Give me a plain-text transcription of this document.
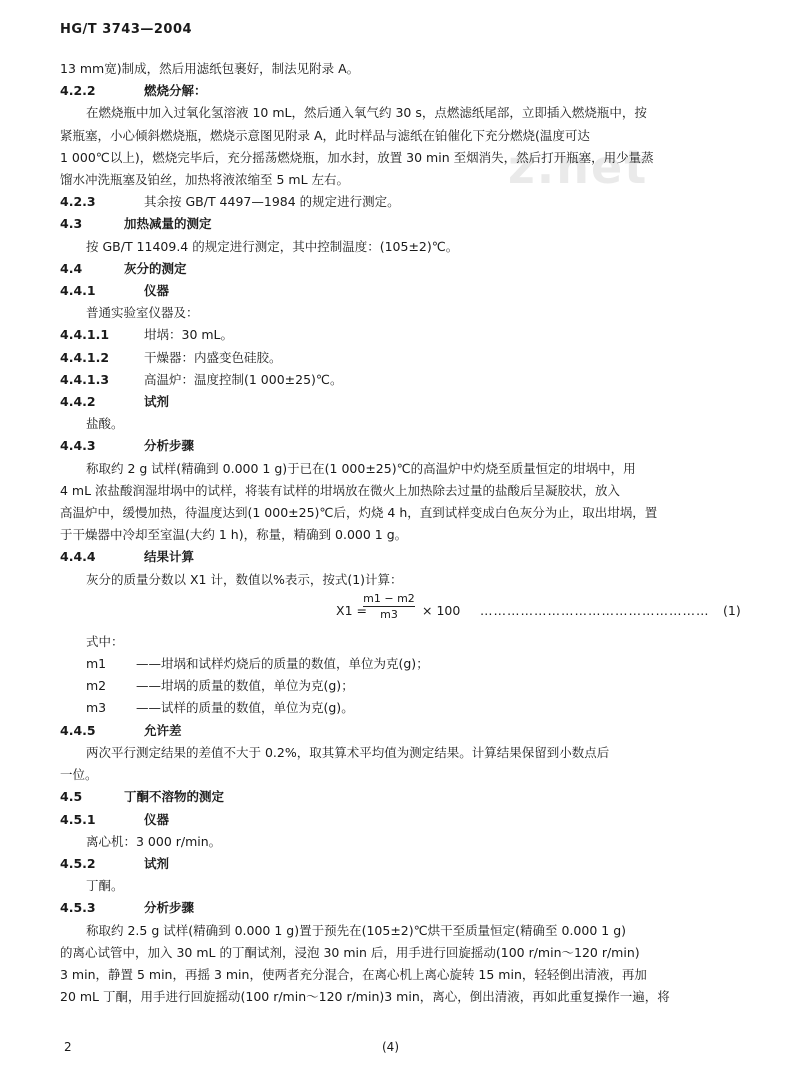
HG/T 3743—2004
z.net

13 mm宽)制成，然后用滤纸包裹好，制法见附录 A。

4.2.2	燃烧分解：

在燃烧瓶中加入过氧化氢溶液 10 mL，然后通入氧气约 30 s，点燃滤纸尾部，立即插入燃烧瓶中，按

紧瓶塞，小心倾斜燃烧瓶，燃烧示意图见附录 A，此时样品与滤纸在铂催化下充分燃烧(温度可达

1 000℃以上)，燃烧完毕后，充分摇荡燃烧瓶，加水封，放置 30 min 至烟消失，然后打开瓶塞，用少量蒸

馏水冲洗瓶塞及铂丝，加热将液浓缩至 5 mL 左右。

4.2.3	其余按 GB/T 4497—1984 的规定进行测定。

4.3	加热减量的测定

按 GB/T 11409.4 的规定进行测定，其中控制温度：(105±2)℃。

4.4	灰分的测定

4.4.1	仪器

普通实验室仪器及：

4.4.1.1	坩埚：30 mL。

4.4.1.2	干燥器：内盛变色硅胶。

4.4.1.3	高温炉：温度控制(1 000±25)℃。

4.4.2	试剂

盐酸。

4.4.3	分析步骤

称取约 2 g 试样(精确到 0.000 1 g)于已在(1 000±25)℃的高温炉中灼烧至质量恒定的坩埚中，用

4 mL 浓盐酸润湿坩埚中的试样，将装有试样的坩埚放在微火上加热除去过量的盐酸后呈凝胶状，放入

高温炉中，缓慢加热，待温度达到(1 000±25)℃后，灼烧 4 h，直到试样变成白色灰分为止，取出坩埚，置

于干燥器中冷却至室温(大约 1 h)，称量，精确到 0.000 1 g。

4.4.4	结果计算

灰分的质量分数以 X1 计，数值以%表示，按式(1)计算：

X1 =
m1 − m2
m3	× 100 …………………………………………… (1)

式中：

m1 ——坩埚和试样灼烧后的质量的数值，单位为克(g)；

m2 ——坩埚的质量的数值，单位为克(g)；

m3 ——试样的质量的数值，单位为克(g)。

4.4.5	允许差

两次平行测定结果的差值不大于 0.2%，取其算术平均值为测定结果。计算结果保留到小数点后

一位。

4.5	丁酮不溶物的测定

4.5.1	仪器

离心机：3 000 r/min。

4.5.2	试剂

丁酮。

4.5.3	分析步骤

称取约 2.5 g 试样(精确到 0.000 1 g)置于预先在(105±2)℃烘干至质量恒定(精确至 0.000 1 g)

的离心试管中，加入 30 mL 的丁酮试剂，浸泡 30 min 后，用手进行回旋摇动(100 r/min～120 r/min)

3 min，静置 5 min，再摇 3 min，使两者充分混合，在离心机上离心旋转 15 min，轻轻倒出清液，再加

20 mL 丁酮，用手进行回旋摇动(100 r/min～120 r/min)3 min，离心，倒出清液，再如此重复操作一遍，将

2	(4)
